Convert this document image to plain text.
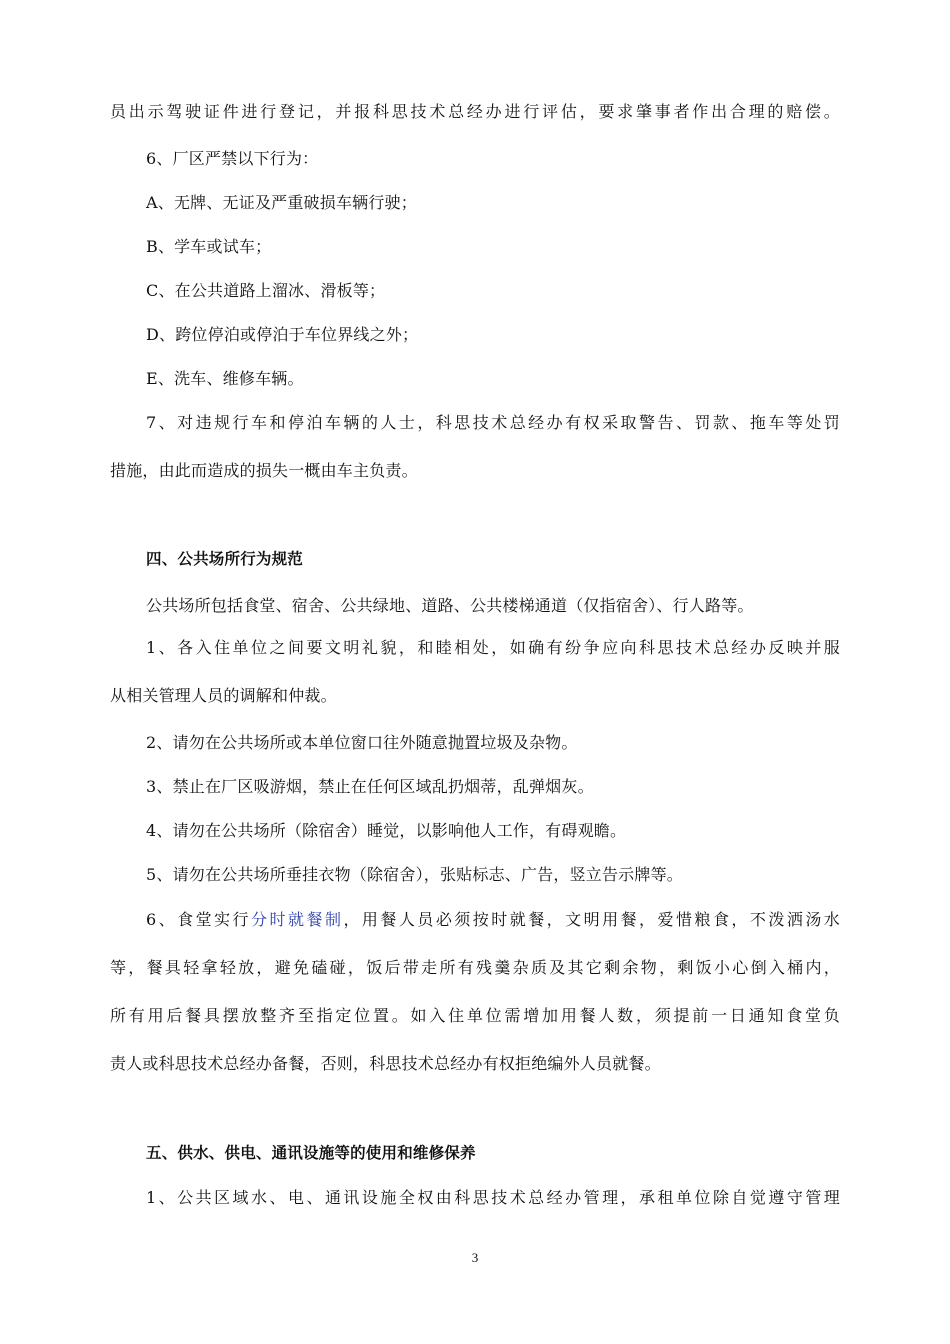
员出示驾驶证件进行登记，并报科思技术总经办进行评估，要求肇事者作出合理的赔偿。
6、厂区严禁以下行为：
A、无牌、无证及严重破损车辆行驶；
B、学车或试车；
C、在公共道路上溜冰、滑板等；
D、跨位停泊或停泊于车位界线之外；
E、洗车、维修车辆。
7、对违规行车和停泊车辆的人士，科思技术总经办有权采取警告、罚款、拖车等处罚
措施，由此而造成的损失一概由车主负责。
四、公共场所行为规范
公共场所包括食堂、宿舍、公共绿地、道路、公共楼梯通道（仅指宿舍）、行人路等。
1、各入住单位之间要文明礼貌，和睦相处，如确有纷争应向科思技术总经办反映并服
从相关管理人员的调解和仲裁。
2、请勿在公共场所或本单位窗口往外随意抛置垃圾及杂物。
3、禁止在厂区吸游烟，禁止在任何区域乱扔烟蒂，乱弹烟灰。
4、请勿在公共场所（除宿舍）睡觉，以影响他人工作，有碍观瞻。
5、请勿在公共场所垂挂衣物（除宿舍），张贴标志、广告，竖立告示牌等。
6、食堂实行分时就餐制，用餐人员必须按时就餐，文明用餐，爱惜粮食，不泼洒汤水
等，餐具轻拿轻放，避免磕碰，饭后带走所有残羹杂质及其它剩余物，剩饭小心倒入桶内，
所有用后餐具摆放整齐至指定位置。如入住单位需增加用餐人数，须提前一日通知食堂负
责人或科思技术总经办备餐，否则，科思技术总经办有权拒绝编外人员就餐。
五、供水、供电、通讯设施等的使用和维修保养
1、公共区域水、电、通讯设施全权由科思技术总经办管理，承租单位除自觉遵守管理
3
